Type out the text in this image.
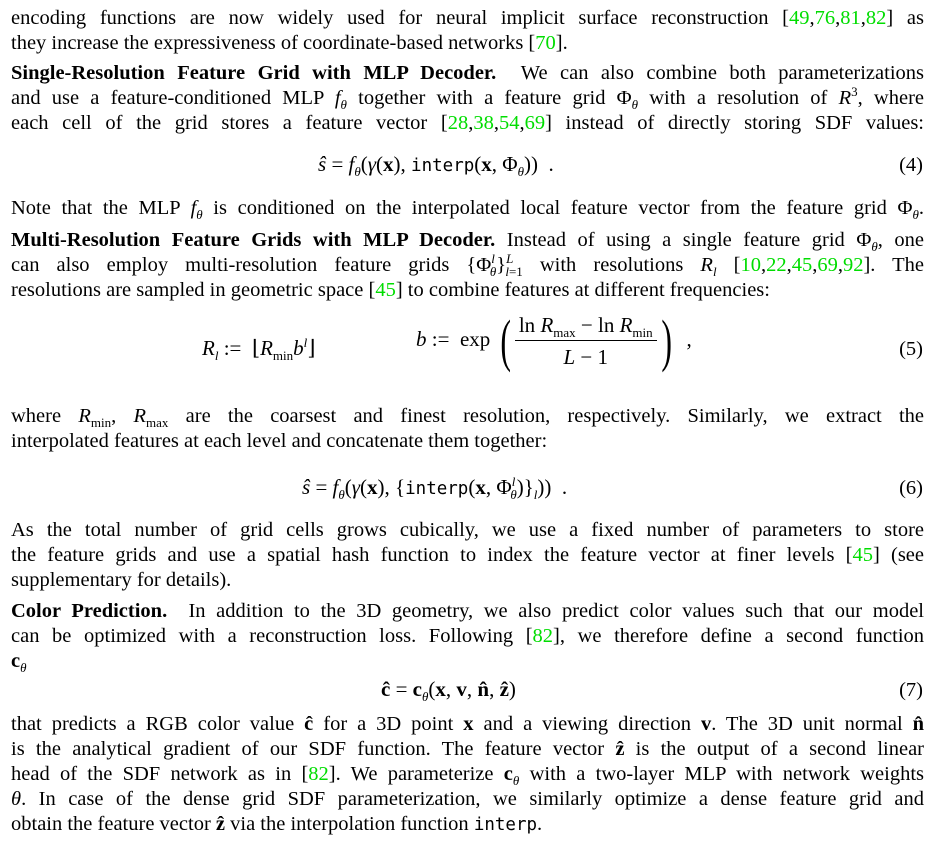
encoding functions are now widely used for neural implicit surface reconstruction [49,76,81,82] as
they increase the expressiveness of coordinate-based networks [70].
Single-Resolution Feature Grid with MLP Decoder. We can also combine both parameterizations
and use a feature-conditioned MLP $f_\theta$ together with a feature grid $\Phi_\theta$ with a resolution of $R^3$, where
each cell of the grid stores a feature vector [28,38,54,69] instead of directly storing SDF values:
ŝ = $f_\theta(\gamma(x)$, interp(x, $\Phi_\theta$))  .	(4)
Note that the MLP $f_\theta$ is conditioned on the interpolated local feature vector from the feature grid $\Phi_\theta$.
Multi-Resolution Feature Grids with MLP Decoder. Instead of using a single feature grid $\Phi_\theta$, one
can also employ multi-resolution feature grids $\{\Phi^l_\theta\}^L_{l=1}$ with resolutions $R_l$ [10,22,45,69,92]. The
resolutions are sampled in geometric space [45] to combine features at different frequencies:
$R_l$ :=  $⌊R_{min}b^l⌋$	b :=  exp ( $\frac{\ln R_{max} - \ln R_{min}}{L - 1}$ )  ,	(5)
where $R_{min}$, $R_{max}$ are the coarsest and finest resolution, respectively. Similarly, we extract the
interpolated features at each level and concatenate them together:
ŝ = $f_\theta(\gamma(x)$, {interp(x, $\Phi^l_\theta)\}_l$))  .	(6)
As the total number of grid cells grows cubically, we use a fixed number of parameters to store
the feature grids and use a spatial hash function to index the feature vector at finer levels [45] (see
supplementary for details).
Color Prediction. In addition to the 3D geometry, we also predict color values such that our model
can be optimized with a reconstruction loss. Following [82], we therefore define a second function
$c_\theta$
ĉ = $c_\theta(x$, v, n̂, ẑ)	(7)
that predicts a RGB color value ĉ for a 3D point x and a viewing direction v. The 3D unit normal n̂
is the analytical gradient of our SDF function. The feature vector ẑ is the output of a second linear
head of the SDF network as in [82]. We parameterize $c_\theta$ with a two-layer MLP with network weights
θ. In case of the dense grid SDF parameterization, we similarly optimize a dense feature grid and
obtain the feature vector ẑ via the interpolation function interp.
